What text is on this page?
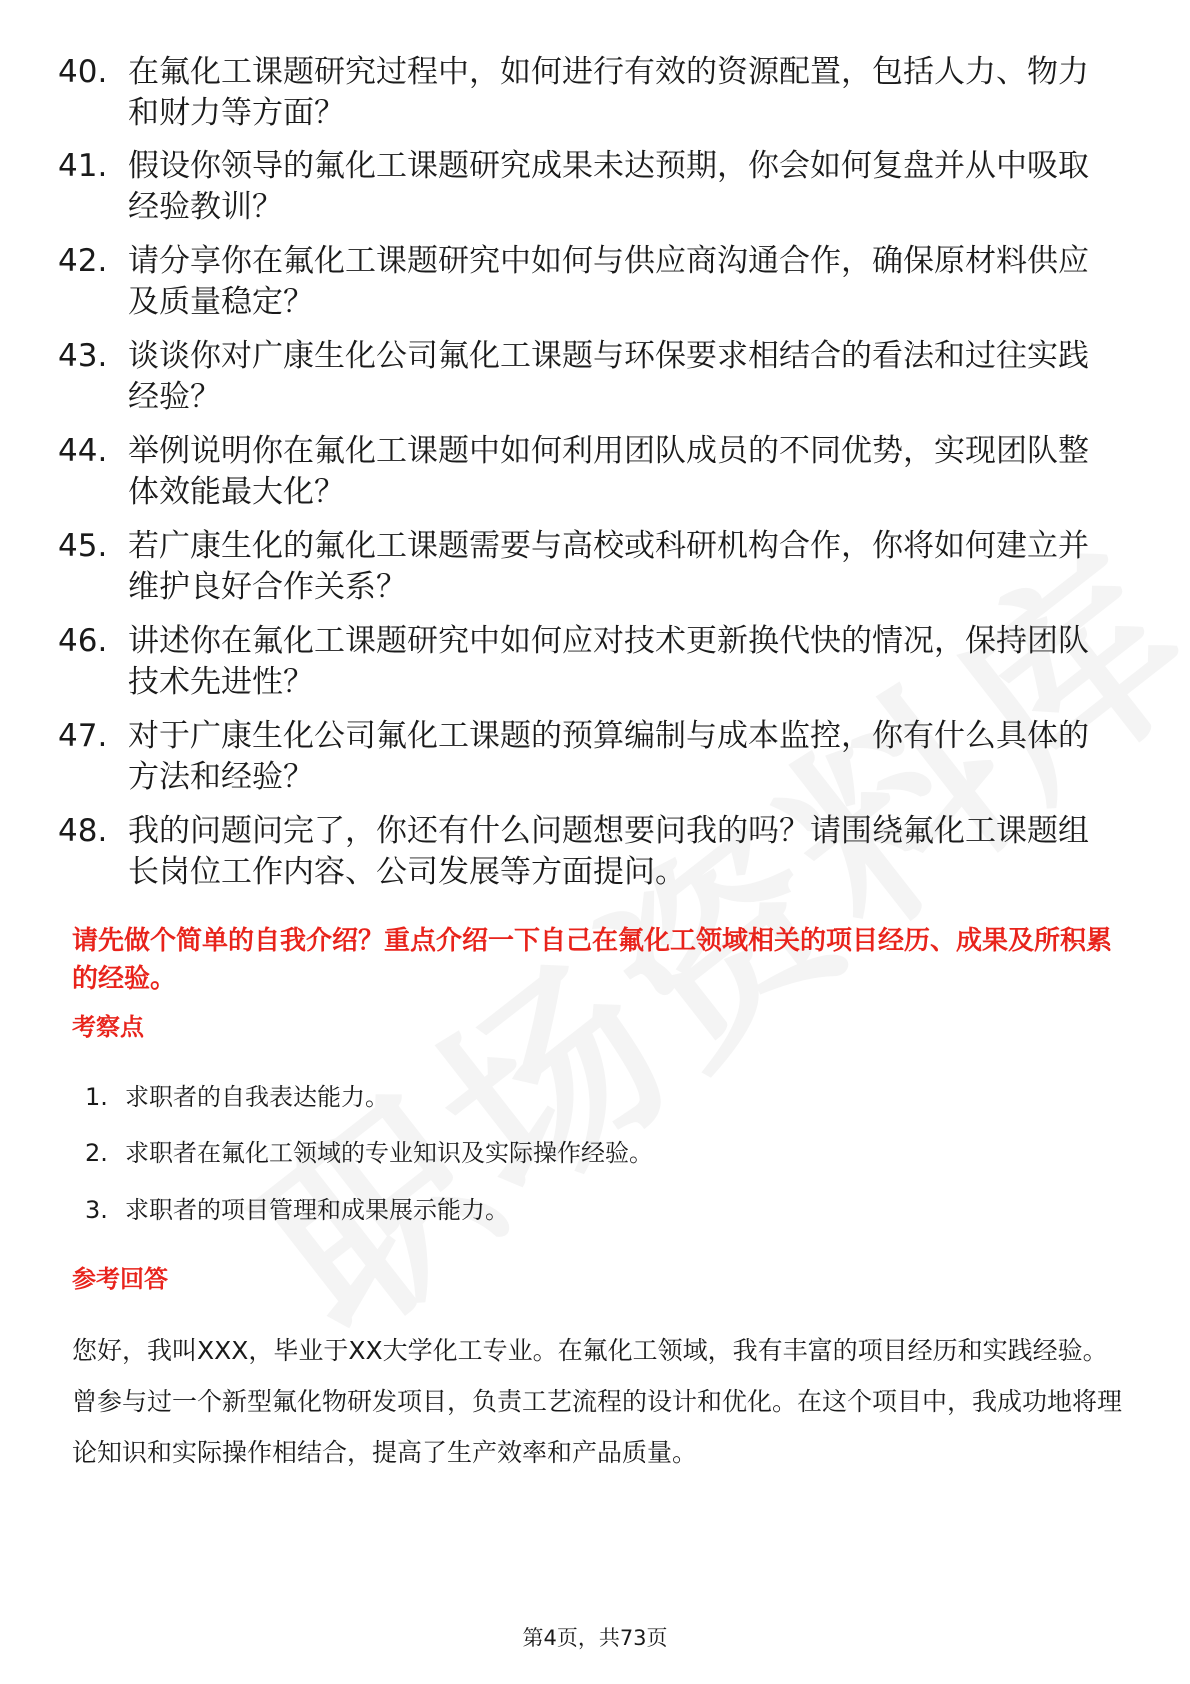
40. 在氟化工课题研究过程中，如何进行有效的资源配置，包括人力、物力和财力等方面？
41. 假设你领导的氟化工课题研究成果未达预期，你会如何复盘并从中吸取经验教训？
42. 请分享你在氟化工课题研究中如何与供应商沟通合作，确保原材料供应及质量稳定？
43. 谈谈你对广康生化公司氟化工课题与环保要求相结合的看法和过往实践经验？
44. 举例说明你在氟化工课题中如何利用团队成员的不同优势，实现团队整体效能最大化？
45. 若广康生化的氟化工课题需要与高校或科研机构合作，你将如何建立并维护良好合作关系？
46. 讲述你在氟化工课题研究中如何应对技术更新换代快的情况，保持团队技术先进性？
47. 对于广康生化公司氟化工课题的预算编制与成本监控，你有什么具体的方法和经验？
48. 我的问题问完了，你还有什么问题想要问我的吗？请围绕氟化工课题组长岗位工作内容、公司发展等方面提问。
请先做个简单的自我介绍？重点介绍一下自己在氟化工领域相关的项目经历、成果及所积累的经验。
考察点
1. 求职者的自我表达能力。
2. 求职者在氟化工领域的专业知识及实际操作经验。
3. 求职者的项目管理和成果展示能力。
参考回答
您好，我叫XXX，毕业于XX大学化工专业。在氟化工领域，我有丰富的项目经历和实践经验。曾参与过一个新型氟化物研发项目，负责工艺流程的设计和优化。在这个项目中，我成功地将理论知识和实际操作相结合，提高了生产效率和产品质量。
第4页，共73页
